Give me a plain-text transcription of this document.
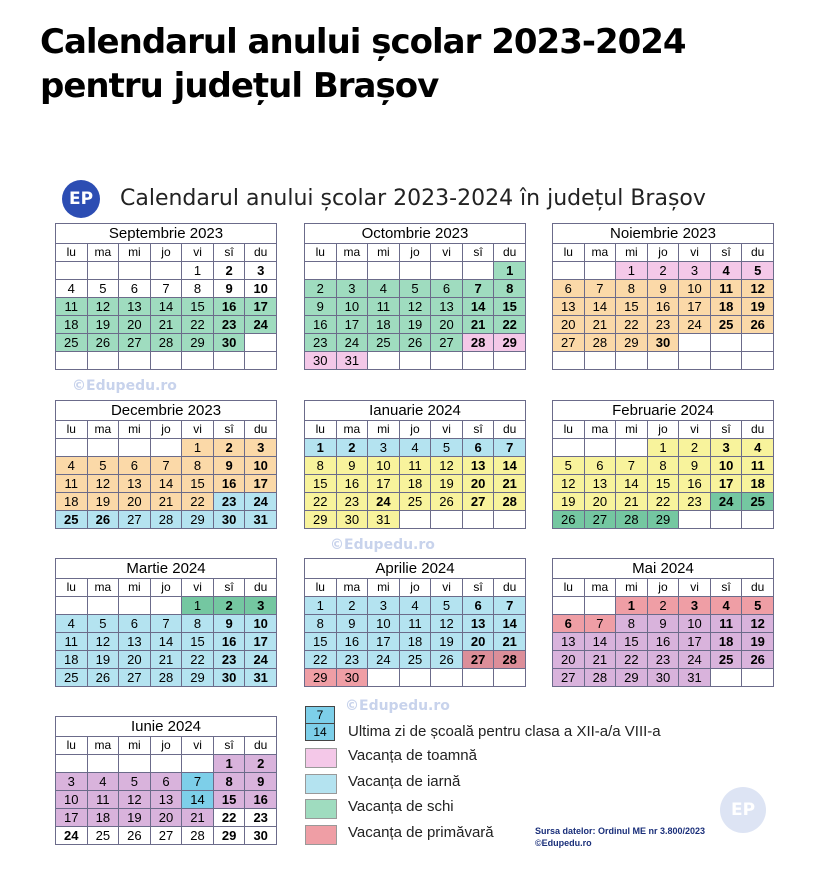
Calendarul anului școlar 2023-2024
pentru județul Brașov
EP	Calendarul anului școlar 2023-2024 în județul Brașov
©Edupedu.ro
©Edupedu.ro
©Edupedu.ro
Septembrie 2023						
lu	ma	mi	jo	vi	sî	du
				1	2	3
4	5	6	7	8	9	10
11	12	13	14	15	16	17
18	19	20	21	22	23	24
25	26	27	28	29	30	

Octombrie 2023						
lu	ma	mi	jo	vi	sî	du
						1
2	3	4	5	6	7	8
9	10	11	12	13	14	15
16	17	18	19	20	21	22
23	24	25	26	27	28	29
30	31					
Noiembrie 2023						
lu	ma	mi	jo	vi	sî	du
		1	2	3	4	5
6	7	8	9	10	11	12
13	14	15	16	17	18	19
20	21	22	23	24	25	26
27	28	29	30			

Decembrie 2023						
lu	ma	mi	jo	vi	sî	du
				1	2	3
4	5	6	7	8	9	10
11	12	13	14	15	16	17
18	19	20	21	22	23	24
25	26	27	28	29	30	31
Ianuarie 2024						
lu	ma	mi	jo	vi	sî	du
1	2	3	4	5	6	7
8	9	10	11	12	13	14
15	16	17	18	19	20	21
22	23	24	25	26	27	28
29	30	31				
Februarie 2024						
lu	ma	mi	jo	vi	sî	du
			1	2	3	4
5	6	7	8	9	10	11
12	13	14	15	16	17	18
19	20	21	22	23	24	25
26	27	28	29			
Martie 2024						
lu	ma	mi	jo	vi	sî	du
				1	2	3
4	5	6	7	8	9	10
11	12	13	14	15	16	17
18	19	20	21	22	23	24
25	26	27	28	29	30	31
Aprilie 2024						
lu	ma	mi	jo	vi	sî	du
1	2	3	4	5	6	7
8	9	10	11	12	13	14
15	16	17	18	19	20	21
22	23	24	25	26	27	28
29	30					
Mai 2024						
lu	ma	mi	jo	vi	sî	du
		1	2	3	4	5
6	7	8	9	10	11	12
13	14	15	16	17	18	19
20	21	22	23	24	25	26
27	28	29	30	31		
Iunie 2024						
lu	ma	mi	jo	vi	sî	du
					1	2
3	4	5	6	7	8	9
10	11	12	13	14	15	16
17	18	19	20	21	22	23
24	25	26	27	28	29	30
7
14	Ultima zi de școală pentru clasa a XII-a/a VIII-a
Vacanța de toamnă
Vacanța de iarnă
Vacanța de schi
Vacanța de primăvară
EP
Sursa datelor: Ordinul ME nr 3.800/2023
©Edupedu.ro
